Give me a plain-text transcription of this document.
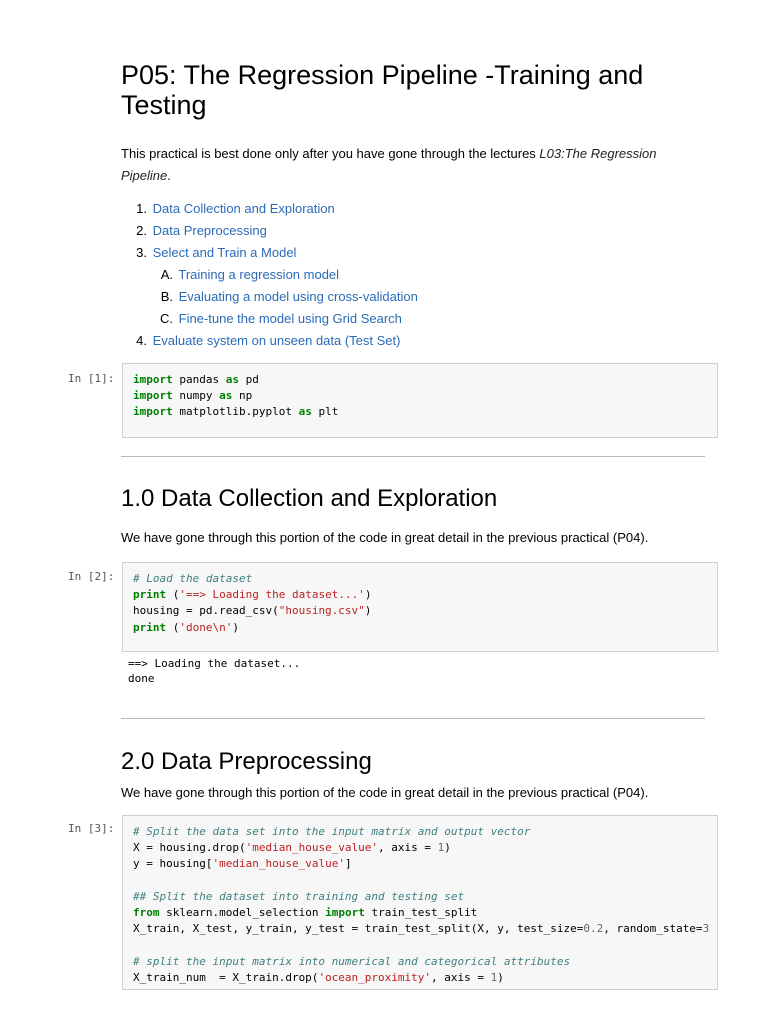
P05: The Regression Pipeline -Training and Testing

This practical is best done only after you have gone through the lectures L03:The Regression Pipeline.

1. Data Collection and Exploration
2. Data Preprocessing
3. Select and Train a Model
A. Training a regression model
B. Evaluating a model using cross-validation
C. Fine-tune the model using Grid Search
4. Evaluate system on unseen data (Test Set)
In [1]: import pandas as pd
import numpy as np
import matplotlib.pyplot as plt
1.0 Data Collection and Exploration

We have gone through this portion of the code in great detail in the previous practical (P04).

In [2]: # Load the dataset
print ('==> Loading the dataset...')
housing = pd.read_csv("housing.csv")
print ('done\n')
==> Loading the dataset...
done
2.0 Data Preprocessing

We have gone through this portion of the code in great detail in the previous practical (P04).

In [3]: # Split the data set into the input matrix and output vector
X = housing.drop('median_house_value', axis = 1)
y = housing['median_house_value']

## Split the dataset into training and testing set
from sklearn.model_selection import train_test_split
X_train, X_test, y_train, y_test = train_test_split(X, y, test_size=0.2, random_state=3

# split the input matrix into numerical and categorical attributes
X_train_num  = X_train.drop('ocean_proximity', axis = 1)
